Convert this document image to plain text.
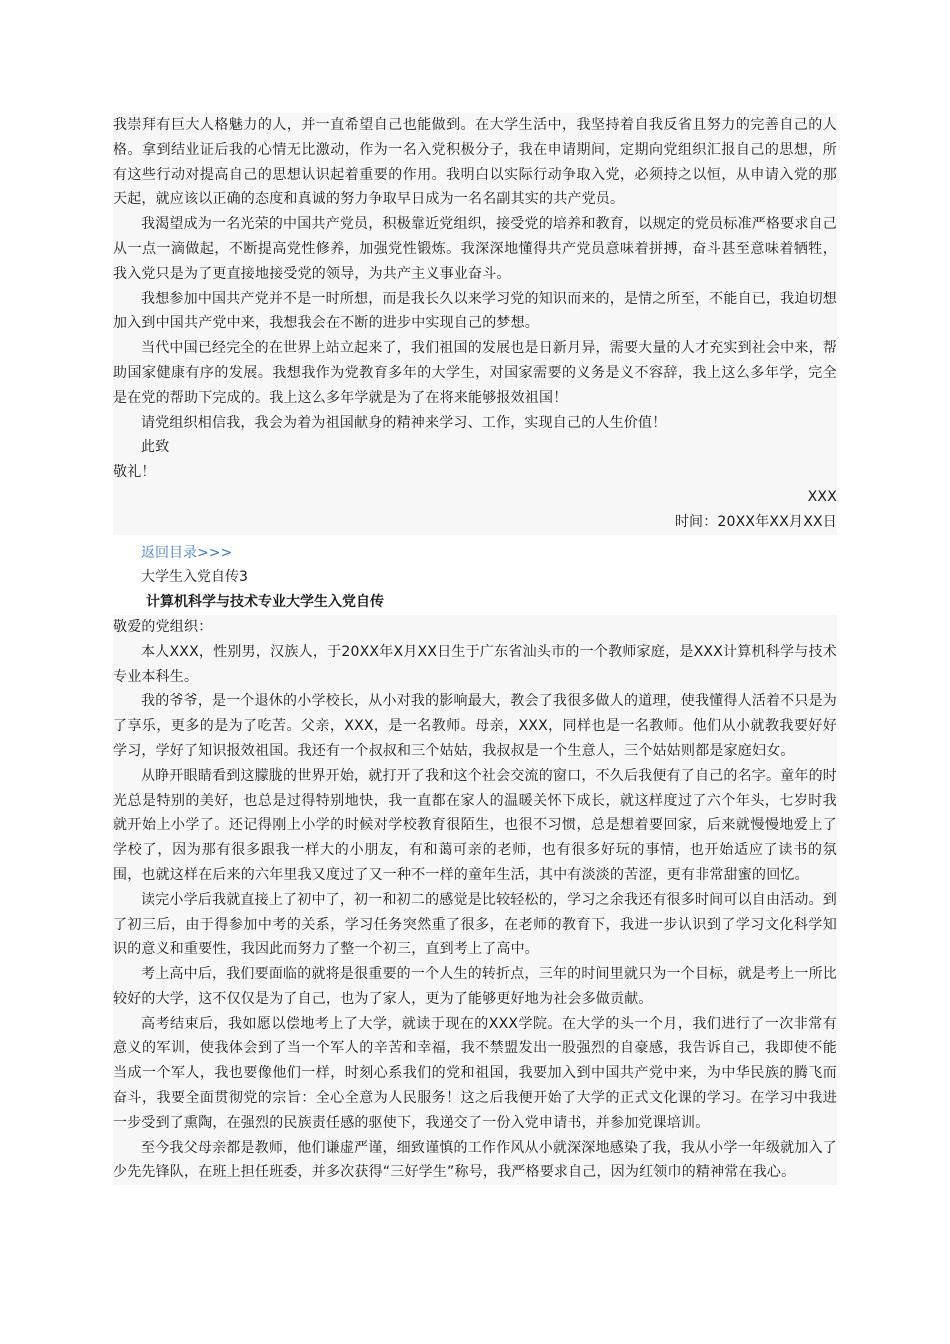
我崇拜有巨大人格魅力的人，并一直希望自己也能做到。在大学生活中，我坚持着自我反省且努力的完善自己的人格。拿到结业证后我的心情无比激动，作为一名入党积极分子，我在申请期间，定期向党组织汇报自己的思想，所有这些行动对提高自己的思想认识起着重要的作用。我明白以实际行动争取入党，必须持之以恒，从申请入党的那天起，就应该以正确的态度和真诚的努力争取早日成为一名名副其实的共产党员。

我渴望成为一名光荣的中国共产党员，积极靠近党组织，接受党的培养和教育，以规定的党员标准严格要求自己从一点一滴做起，不断提高党性修养，加强党性锻炼。我深深地懂得共产党员意味着拼搏，奋斗甚至意味着牺牲，我入党只是为了更直接地接受党的领导，为共产主义事业奋斗。

我想参加中国共产党并不是一时所想，而是我长久以来学习党的知识而来的，是情之所至，不能自已，我迫切想加入到中国共产党中来，我想我会在不断的进步中实现自己的梦想。

当代中国已经完全的在世界上站立起来了，我们祖国的发展也是日新月异，需要大量的人才充实到社会中来，帮助国家健康有序的发展。我想我作为党教育多年的大学生，对国家需要的义务是义不容辞，我上这么多年学，完全是在党的帮助下完成的。我上这么多年学就是为了在将来能够报效祖国！

请党组织相信我，我会为着为祖国献身的精神来学习、工作，实现自己的人生价值！

此致

敬礼！

XXX

时间：20XX年XX月XX日

返回目录>>>

大学生入党自传3

计算机科学与技术专业大学生入党自传

敬爱的党组织：

本人XXX，性别男，汉族人，于20XX年X月XX日生于广东省汕头市的一个教师家庭，是XXX计算机科学与技术专业本科生。

我的爷爷，是一个退休的小学校长，从小对我的影响最大，教会了我很多做人的道理，使我懂得人活着不只是为了享乐，更多的是为了吃苦。父亲，XXX，是一名教师。母亲，XXX，同样也是一名教师。他们从小就教我要好好学习，学好了知识报效祖国。我还有一个叔叔和三个姑姑，我叔叔是一个生意人，三个姑姑则都是家庭妇女。

从睁开眼睛看到这朦胧的世界开始，就打开了我和这个社会交流的窗口，不久后我便有了自己的名字。童年的时光总是特别的美好，也总是过得特别地快，我一直都在家人的温暖关怀下成长，就这样度过了六个年头，七岁时我就开始上小学了。还记得刚上小学的时候对学校教育很陌生，也很不习惯，总是想着要回家，后来就慢慢地爱上了学校了，因为那有很多跟我一样大的小朋友，有和蔼可亲的老师，也有很多好玩的事情，也开始适应了读书的氛围，也就这样在后来的六年里我又度过了又一种不一样的童年生活，其中有淡淡的苦涩，更有非常甜蜜的回忆。

读完小学后我就直接上了初中了，初一和初二的感觉是比较轻松的，学习之余我还有很多时间可以自由活动。到了初三后，由于得参加中考的关系，学习任务突然重了很多，在老师的教育下，我进一步认识到了学习文化科学知识的意义和重要性，我因此而努力了整一个初三，直到考上了高中。

考上高中后，我们要面临的就将是很重要的一个人生的转折点，三年的时间里就只为一个目标，就是考上一所比较好的大学，这不仅仅是为了自己，也为了家人，更为了能够更好地为社会多做贡献。

高考结束后，我如愿以偿地考上了大学，就读于现在的XXX学院。在大学的头一个月，我们进行了一次非常有意义的军训，使我体会到了当一个军人的辛苦和幸福，我不禁盟发出一股强烈的自豪感，我告诉自己，我即使不能当成一个军人，我也要像他们一样，时刻心系我们的党和祖国，我要加入到中国共产党中来，为中华民族的腾飞而奋斗，我要全面贯彻党的宗旨：全心全意为人民服务！这之后我便开始了大学的正式文化课的学习。在学习中我进一步受到了熏陶，在强烈的民族责任感的驱使下，我递交了一份入党申请书，并参加党课培训。

至今我父母亲都是教师，他们谦虚严谨，细致谨慎的工作作风从小就深深地感染了我，我从小学一年级就加入了少先先锋队，在班上担任班委，并多次获得“三好学生”称号，我严格要求自己，因为红领巾的精神常在我心。
